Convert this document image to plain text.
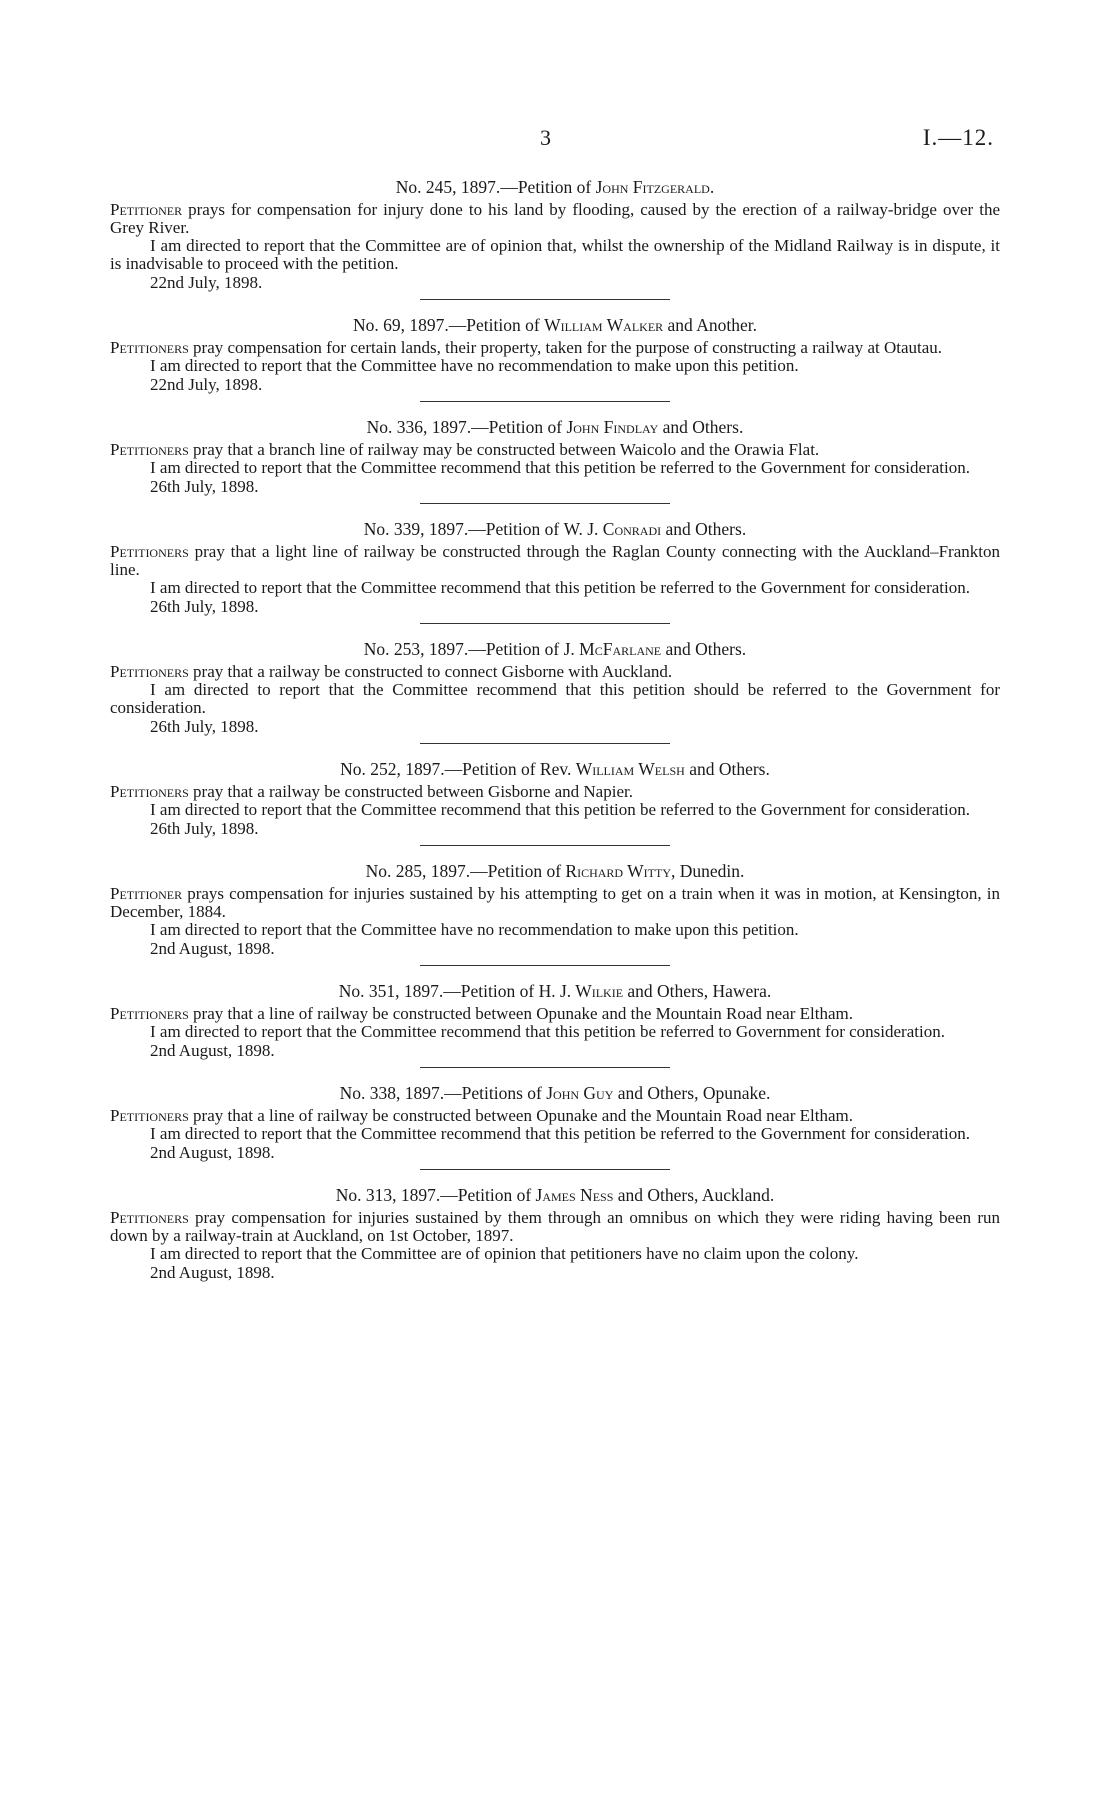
3	I.—12.
No. 245, 1897.—Petition of John Fitzgerald.

Petitioner prays for compensation for injury done to his land by flooding, caused by the erection of a railway-bridge over the Grey River.

I am directed to report that the Committee are of opinion that, whilst the ownership of the Midland Railway is in dispute, it is inadvisable to proceed with the petition.

22nd July, 1898.

No. 69, 1897.—Petition of William Walker and Another.

Petitioners pray compensation for certain lands, their property, taken for the purpose of constructing a railway at Otautau.

I am directed to report that the Committee have no recommendation to make upon this petition.

22nd July, 1898.

No. 336, 1897.—Petition of John Findlay and Others.

Petitioners pray that a branch line of railway may be constructed between Waicolo and the Orawia Flat.

I am directed to report that the Committee recommend that this petition be referred to the Government for consideration.

26th July, 1898.

No. 339, 1897.—Petition of W. J. Conradi and Others.

Petitioners pray that a light line of railway be constructed through the Raglan County connecting with the Auckland–Frankton line.

I am directed to report that the Committee recommend that this petition be referred to the Government for consideration.

26th July, 1898.

No. 253, 1897.—Petition of J. McFarlane and Others.

Petitioners pray that a railway be constructed to connect Gisborne with Auckland.

I am directed to report that the Committee recommend that this petition should be referred to the Government for consideration.

26th July, 1898.

No. 252, 1897.—Petition of Rev. William Welsh and Others.

Petitioners pray that a railway be constructed between Gisborne and Napier.

I am directed to report that the Committee recommend that this petition be referred to the Government for consideration.

26th July, 1898.

No. 285, 1897.—Petition of Richard Witty, Dunedin.

Petitioner prays compensation for injuries sustained by his attempting to get on a train when it was in motion, at Kensington, in December, 1884.

I am directed to report that the Committee have no recommendation to make upon this petition.

2nd August, 1898.

No. 351, 1897.—Petition of H. J. Wilkie and Others, Hawera.

Petitioners pray that a line of railway be constructed between Opunake and the Mountain Road near Eltham.

I am directed to report that the Committee recommend that this petition be referred to Government for consideration.

2nd August, 1898.

No. 338, 1897.—Petitions of John Guy and Others, Opunake.

Petitioners pray that a line of railway be constructed between Opunake and the Mountain Road near Eltham.

I am directed to report that the Committee recommend that this petition be referred to the Government for consideration.

2nd August, 1898.

No. 313, 1897.—Petition of James Ness and Others, Auckland.

Petitioners pray compensation for injuries sustained by them through an omnibus on which they were riding having been run down by a railway-train at Auckland, on 1st October, 1897.

I am directed to report that the Committee are of opinion that petitioners have no claim upon the colony.

2nd August, 1898.
